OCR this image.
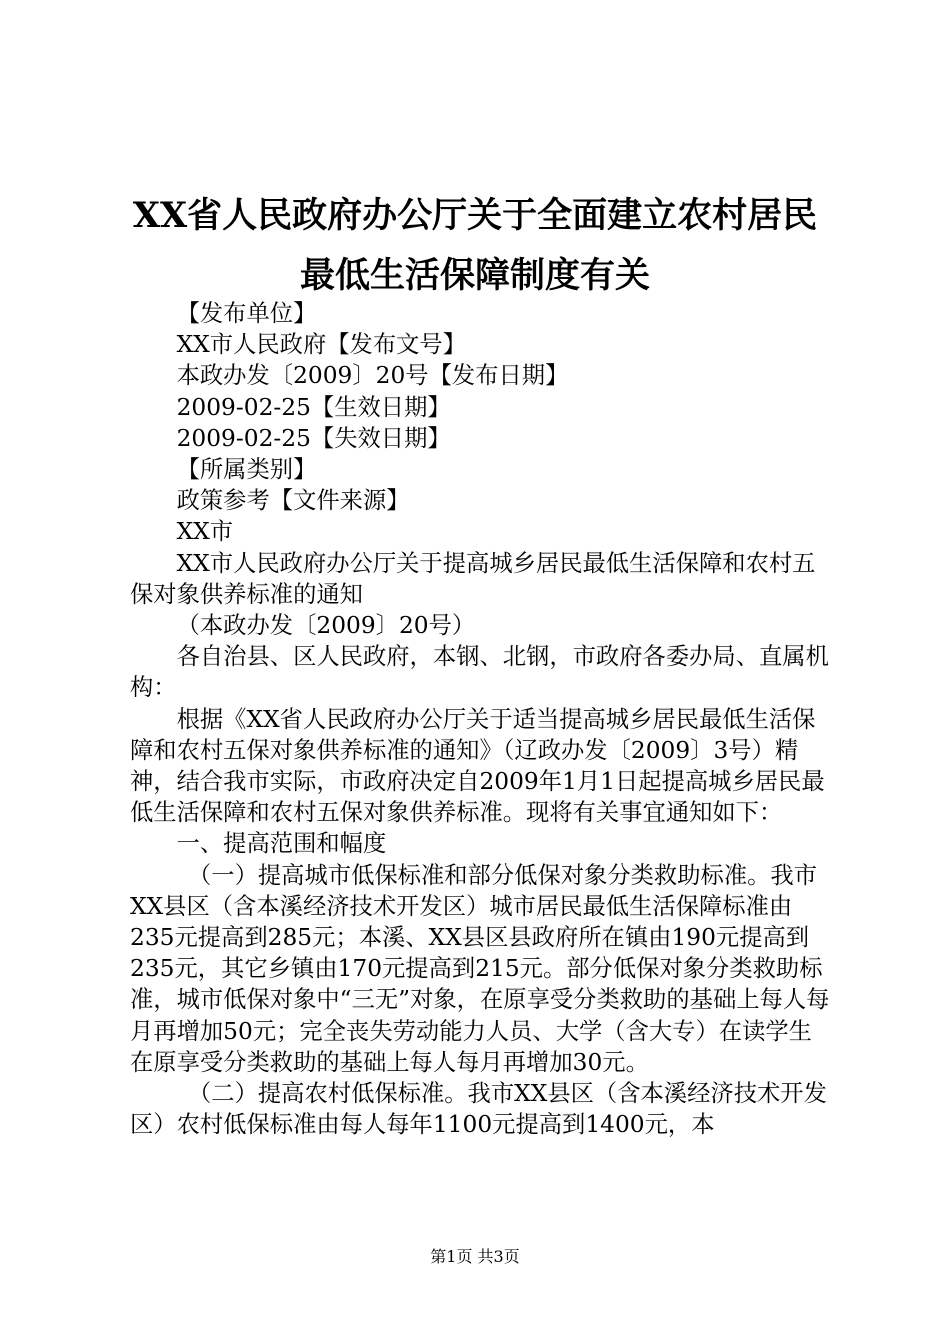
XX省人民政府办公厅关于全面建立农村居民
最低生活保障制度有关

【发布单位】

XX市人民政府【发布文号】

本政办发〔2009〕20号【发布日期】

2009-02-25【生效日期】

2009-02-25【失效日期】

【所属类别】

政策参考【文件来源】

XX市

XX市人民政府办公厅关于提高城乡居民最低生活保障和农村五保对象供养标准的通知

（本政办发〔2009〕20号）

各自治县、区人民政府，本钢、北钢，市政府各委办局、直属机构：

根据《XX省人民政府办公厅关于适当提高城乡居民最低生活保障和农村五保对象供养标准的通知》（辽政办发〔2009〕3号）精神，结合我市实际，市政府决定自2009年1月1日起提高城乡居民最低生活保障和农村五保对象供养标准。现将有关事宜通知如下：

一、提高范围和幅度

（一）提高城市低保标准和部分低保对象分类救助标准。我市XX县区（含本溪经济技术开发区）城市居民最低生活保障标准由235元提高到285元；本溪、XX县区县政府所在镇由190元提高到235元，其它乡镇由170元提高到215元。部分低保对象分类救助标准，城市低保对象中“三无”对象，在原享受分类救助的基础上每人每月再增加50元；完全丧失劳动能力人员、大学（含大专）在读学生在原享受分类救助的基础上每人每月再增加30元。

（二）提高农村低保标准。我市XX县区（含本溪经济技术开发区）农村低保标准由每人每年1100元提高到1400元，本

第1页 共3页
